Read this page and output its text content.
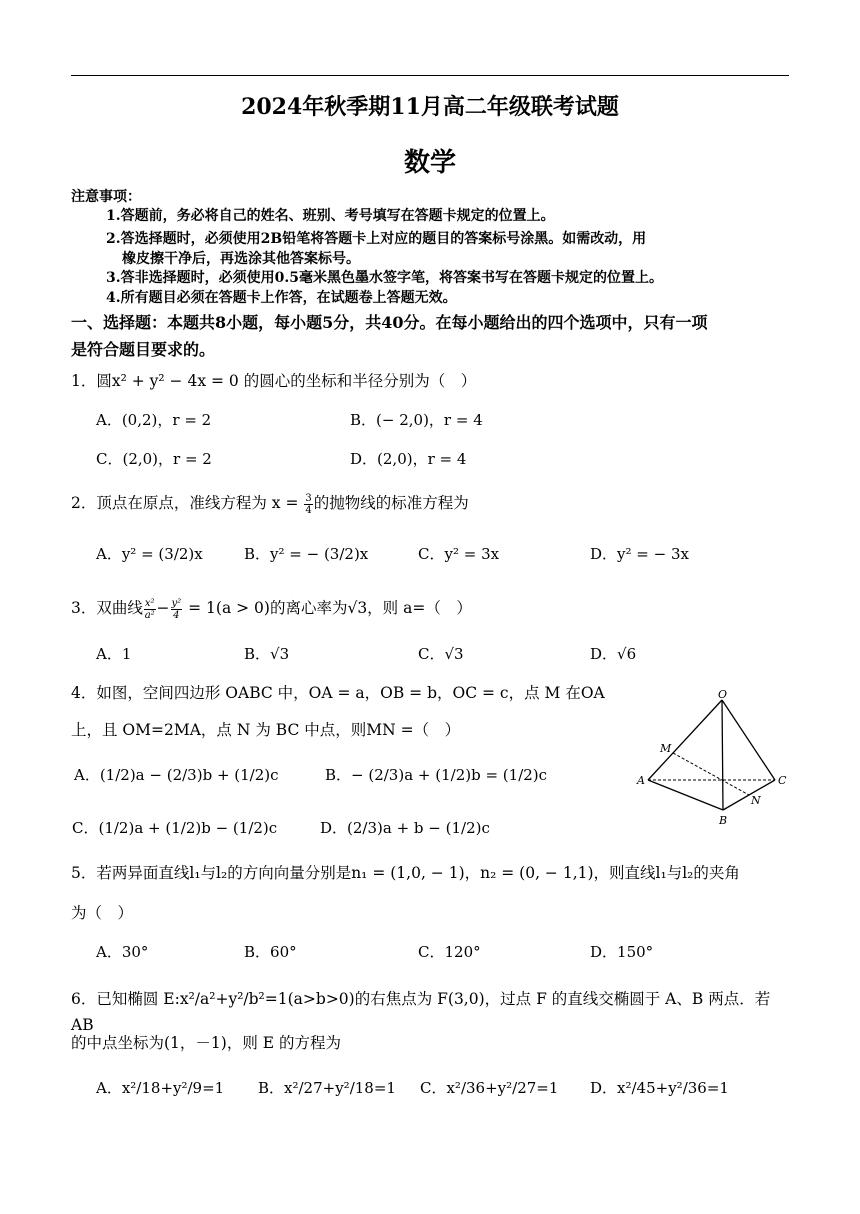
2024年秋季期11月高二年级联考试题
数学
注意事项：
1.答题前，务必将自己的姓名、班别、考号填写在答题卡规定的位置上。
2.答选择题时，必须使用2B铅笔将答题卡上对应的题目的答案标号涂黑。如需改动，用
橡皮擦干净后，再选涂其他答案标号。
3.答非选择题时，必须使用0.5毫米黑色墨水签字笔，将答案书写在答题卡规定的位置上。
4.所有题目必须在答题卡上作答，在试题卷上答题无效。
一、选择题：本题共8小题，每小题5分，共40分。在每小题给出的四个选项中，只有一项
是符合题目要求的。
1．圆x² + y² − 4x = 0 的圆心的坐标和半径分别为（　）
A．(0,2)，r = 2	B．(− 2,0)，r = 4
C．(2,0)，r = 2	D．(2,0)，r = 4
2．顶点在原点，准线方程为 $x = \frac{3}{4}$ 的抛物线的标准方程为
A．y² = (3/2)x	B．y² = − (3/2)x	C．y² = 3x	D．y² = − 3x
3．双曲线 $\frac{\text{x²}}{\text{a²}} - \frac{\text{y²}}{4} = 1(a > 0)$的离心率为√3，则 a=（　）
A．1	B．√3	C．√3	D．√6
4．如图，空间四边形 OABC 中，OA = a，OB = b，OC = c，点 M 在OA
上，且 OM=2MA，点 N 为 BC 中点，则MN =（　）
A．(1/2)a − (2/3)b + (1/2)c	B．− (2/3)a + (1/2)b = (1/2)c
C．(1/2)a + (1/2)b − (1/2)c	D．(2/3)a + b − (1/2)c
O
M
A	C
N
B
5．若两异面直线l₁与l₂的方向向量分别是n₁ = (1,0, − 1)，n₂ = (0, − 1,1)，则直线l₁与l₂的夹角
为（　）
A．30°	B．60°	C．120°	D．150°
6．已知椭圆 E:x²/a²+y²/b²=1(a>b>0)的右焦点为 F(3,0)，过点 F 的直线交椭圆于 A、B 两点．若 AB
的中点坐标为(1，－1)，则 E 的方程为
A．x²/18+y²/9=1 B．x²/27+y²/18=1 C．x²/36+y²/27=1 D．x²/45+y²/36=1
